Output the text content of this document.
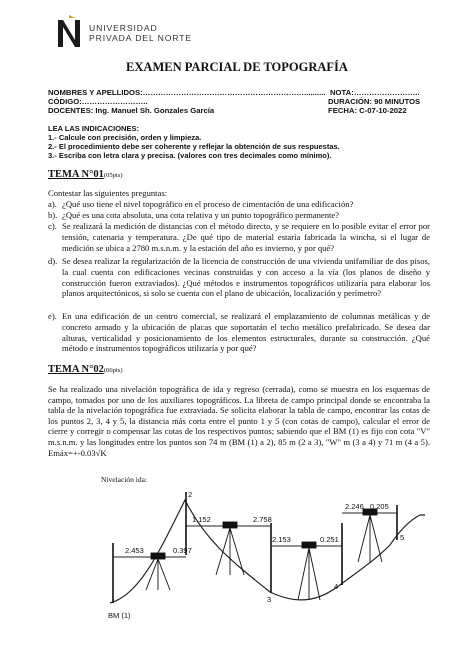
UNIVERSIDAD
PRIVADA DEL NORTE
EXAMEN PARCIAL DE TOPOGRAFÍA
NOMBRES Y APELLIDOS:……………………………………………………….......... NOTA:……………………..
CÓDIGO:……………………..	DURACIÓN: 90 MINUTOS
DOCENTES: Ing. Manuel Sh. Gonzales García	FECHA: C-07-10-2022
LEA LAS INDICACIONES:
1.- Calcule con precisión, orden y limpieza.
2.- El procedimiento debe ser coherente y reflejar la obtención de sus respuestas.
3.- Escriba con letra clara y precisa. (valores con tres decimales como mínimo).
TEMA N°01(05pts)
Contestar las siguientes preguntas:
a). ¿Qué uso tiene el nivel topográfico en el proceso de cimentación de una edificación?
b). ¿Qué es una cota absoluta, una cota relativa y un punto topográfico permanente?
c). Se realizará la medición de distancias con el método directo, y se requiere en lo posible evitar el error por tensión, catenaria y temperatura. ¿De qué tipo de material estaría fabricada la wincha, si el lugar de medición se ubica a 2780 m.s.n.m. y la estación del año es invierno, y por qué?
d). Se desea realizar la regularización de la licencia de construcción de una vivienda unifamiliar de dos pisos, la cual cuenta con edificaciones vecinas construidas y con acceso a la vía (los planos de diseño y construcción fueron extraviados). ¿Qué métodos e instrumentos topográficos utilizaría para elaborar los planos arquitectónicos, si solo se cuenta con el plano de ubicación, localización y perímetro?
e). En una edificación de un centro comercial, se realizará el emplazamiento de columnas metálicas y de concreto armado y la ubicación de placas que soportarán el techo metálico prefabricado. Se desea dar alturas, verticalidad y posicionamiento de los elementos estructurales, durante su construcción. ¿Qué método e instrumentos topográficos utilizaría y por qué?
TEMA N°02(06pts)
Se ha realizado una nivelación topográfica de ida y regreso (cerrada), como se muestra en los esquemas de campo, tomados por uno de los auxiliares topográficos. La libreta de campo principal donde se encontraba la tabla de la nivelación topográfica fue extraviada. Se solicita elaborar la tabla de campo, encontrar las cotas de los puntos 2, 3, 4 y 5, la distancia más corta entre el punto 1 y 5 (con cotas de campo), calcular el error de cierre y corregir o compensar las cotas de los respectivos puntos; sabiendo que el BM (1) es fijo con cota "V" m.s.n.m. y las longitudes entre los puntos son 74 m (BM (1) a 2), 85 m (2 a 3), "W" m (3 a 4) y 71 m (4 a 5). Emáx=+-0.03√K
Nivelación ida:
2.453	0.397
1.152	2.758
2.153	0.251
2.246 0.205
BM (1)
2
3
4
5
